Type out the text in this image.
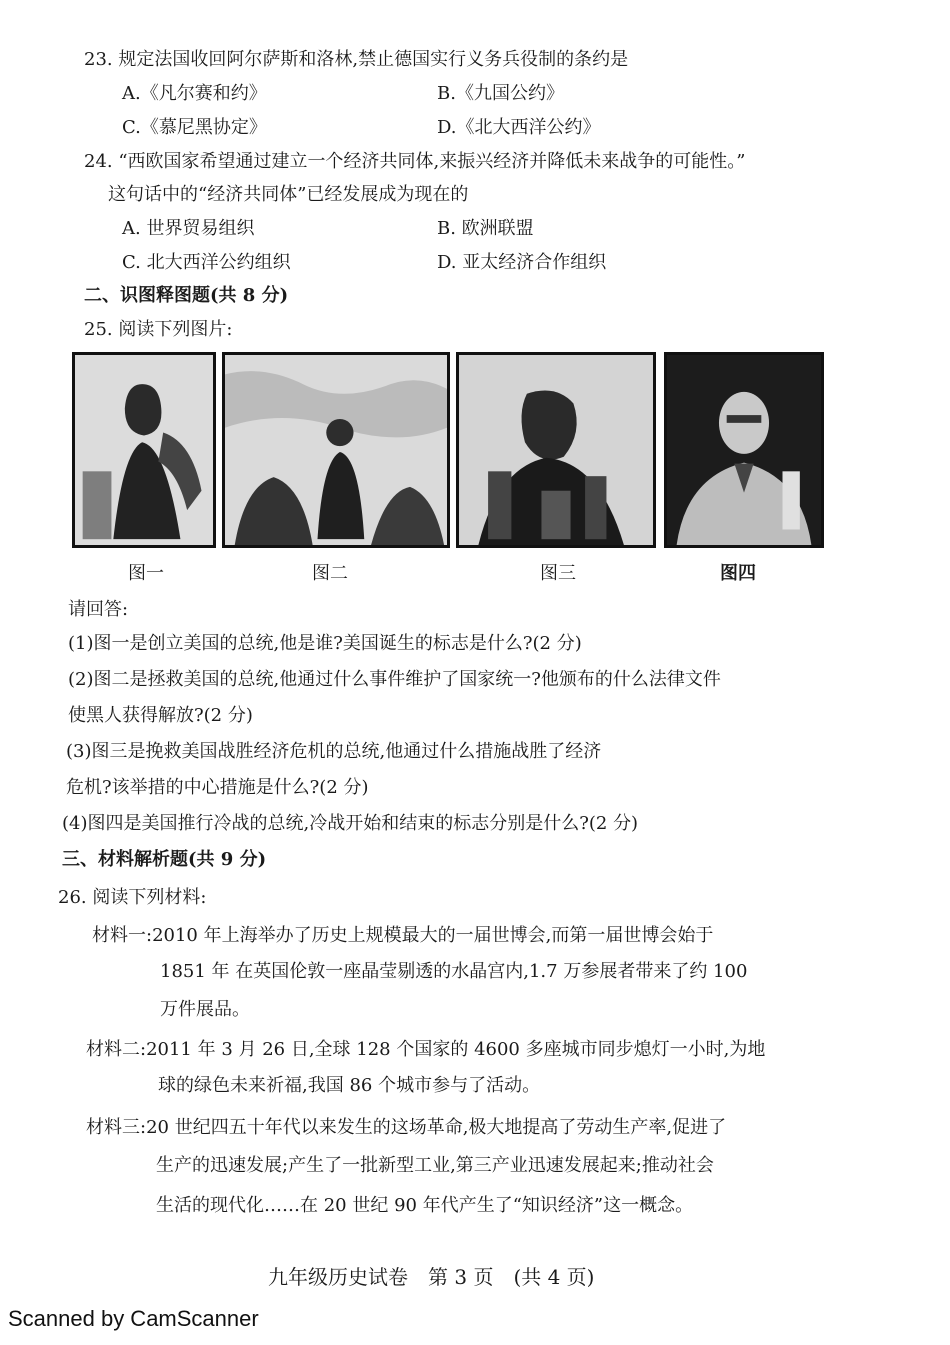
23. 规定法国收回阿尔萨斯和洛林,禁止德国实行义务兵役制的条约是
A.《凡尔赛和约》	B.《九国公约》
C.《慕尼黑协定》	D.《北大西洋公约》
24. “西欧国家希望通过建立一个经济共同体,来振兴经济并降低未来战争的可能性。”
这句话中的“经济共同体”已经发展成为现在的
A. 世界贸易组织	B. 欧洲联盟
C. 北大西洋公约组织	D. 亚太经济合作组织
二、识图释图题(共 8 分)
25. 阅读下列图片:
图一	图二	图三	图四
请回答:
(1)图一是创立美国的总统,他是谁?美国诞生的标志是什么?(2 分)
(2)图二是拯救美国的总统,他通过什么事件维护了国家统一?他颁布的什么法律文件
使黑人获得解放?(2 分)
(3)图三是挽救美国战胜经济危机的总统,他通过什么措施战胜了经济
危机?该举措的中心措施是什么?(2 分)
(4)图四是美国推行冷战的总统,冷战开始和结束的标志分别是什么?(2 分)
三、材料解析题(共 9 分)
26. 阅读下列材料:
材料一:2010 年上海举办了历史上规模最大的一届世博会,而第一届世博会始于
1851 年 在英国伦敦一座晶莹剔透的水晶宫内,1.7 万参展者带来了约 100
万件展品。
材料二:2011 年 3 月 26 日,全球 128 个国家的 4600 多座城市同步熄灯一小时,为地
球的绿色未来祈福,我国 86 个城市参与了活动。
材料三:20 世纪四五十年代以来发生的这场革命,极大地提高了劳动生产率,促进了
生产的迅速发展;产生了一批新型工业,第三产业迅速发展起来;推动社会
生活的现代化……在 20 世纪 90 年代产生了“知识经济”这一概念。
九年级历史试卷　第 3 页　(共 4 页)
Scanned by CamScanner
